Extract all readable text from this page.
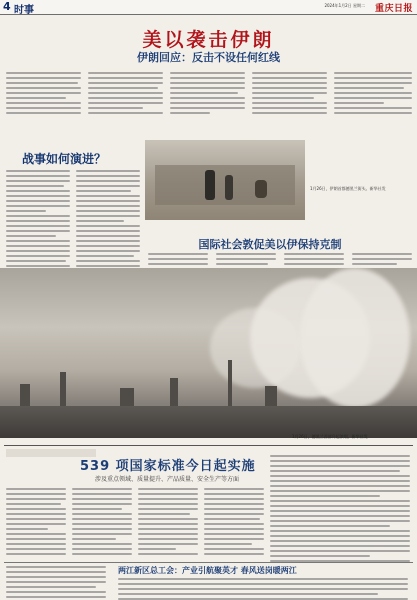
4 时事	2024年1月2日 星期二 重庆日报
美以袭击伊朗
伊朗回应：反击不设任何红线
战事如何演进？
1月26日，伊朗首都德黑兰街头。新华社发
国际社会敦促美以伊保持克制
1月26日，德黑兰西部升起浓烟。新华社发
539 项国家标准今日起实施
涉及重点领域、质量提升、产品质量、安全生产等方面
两江新区总工会：产业引航聚英才 春风送岗暖两江
